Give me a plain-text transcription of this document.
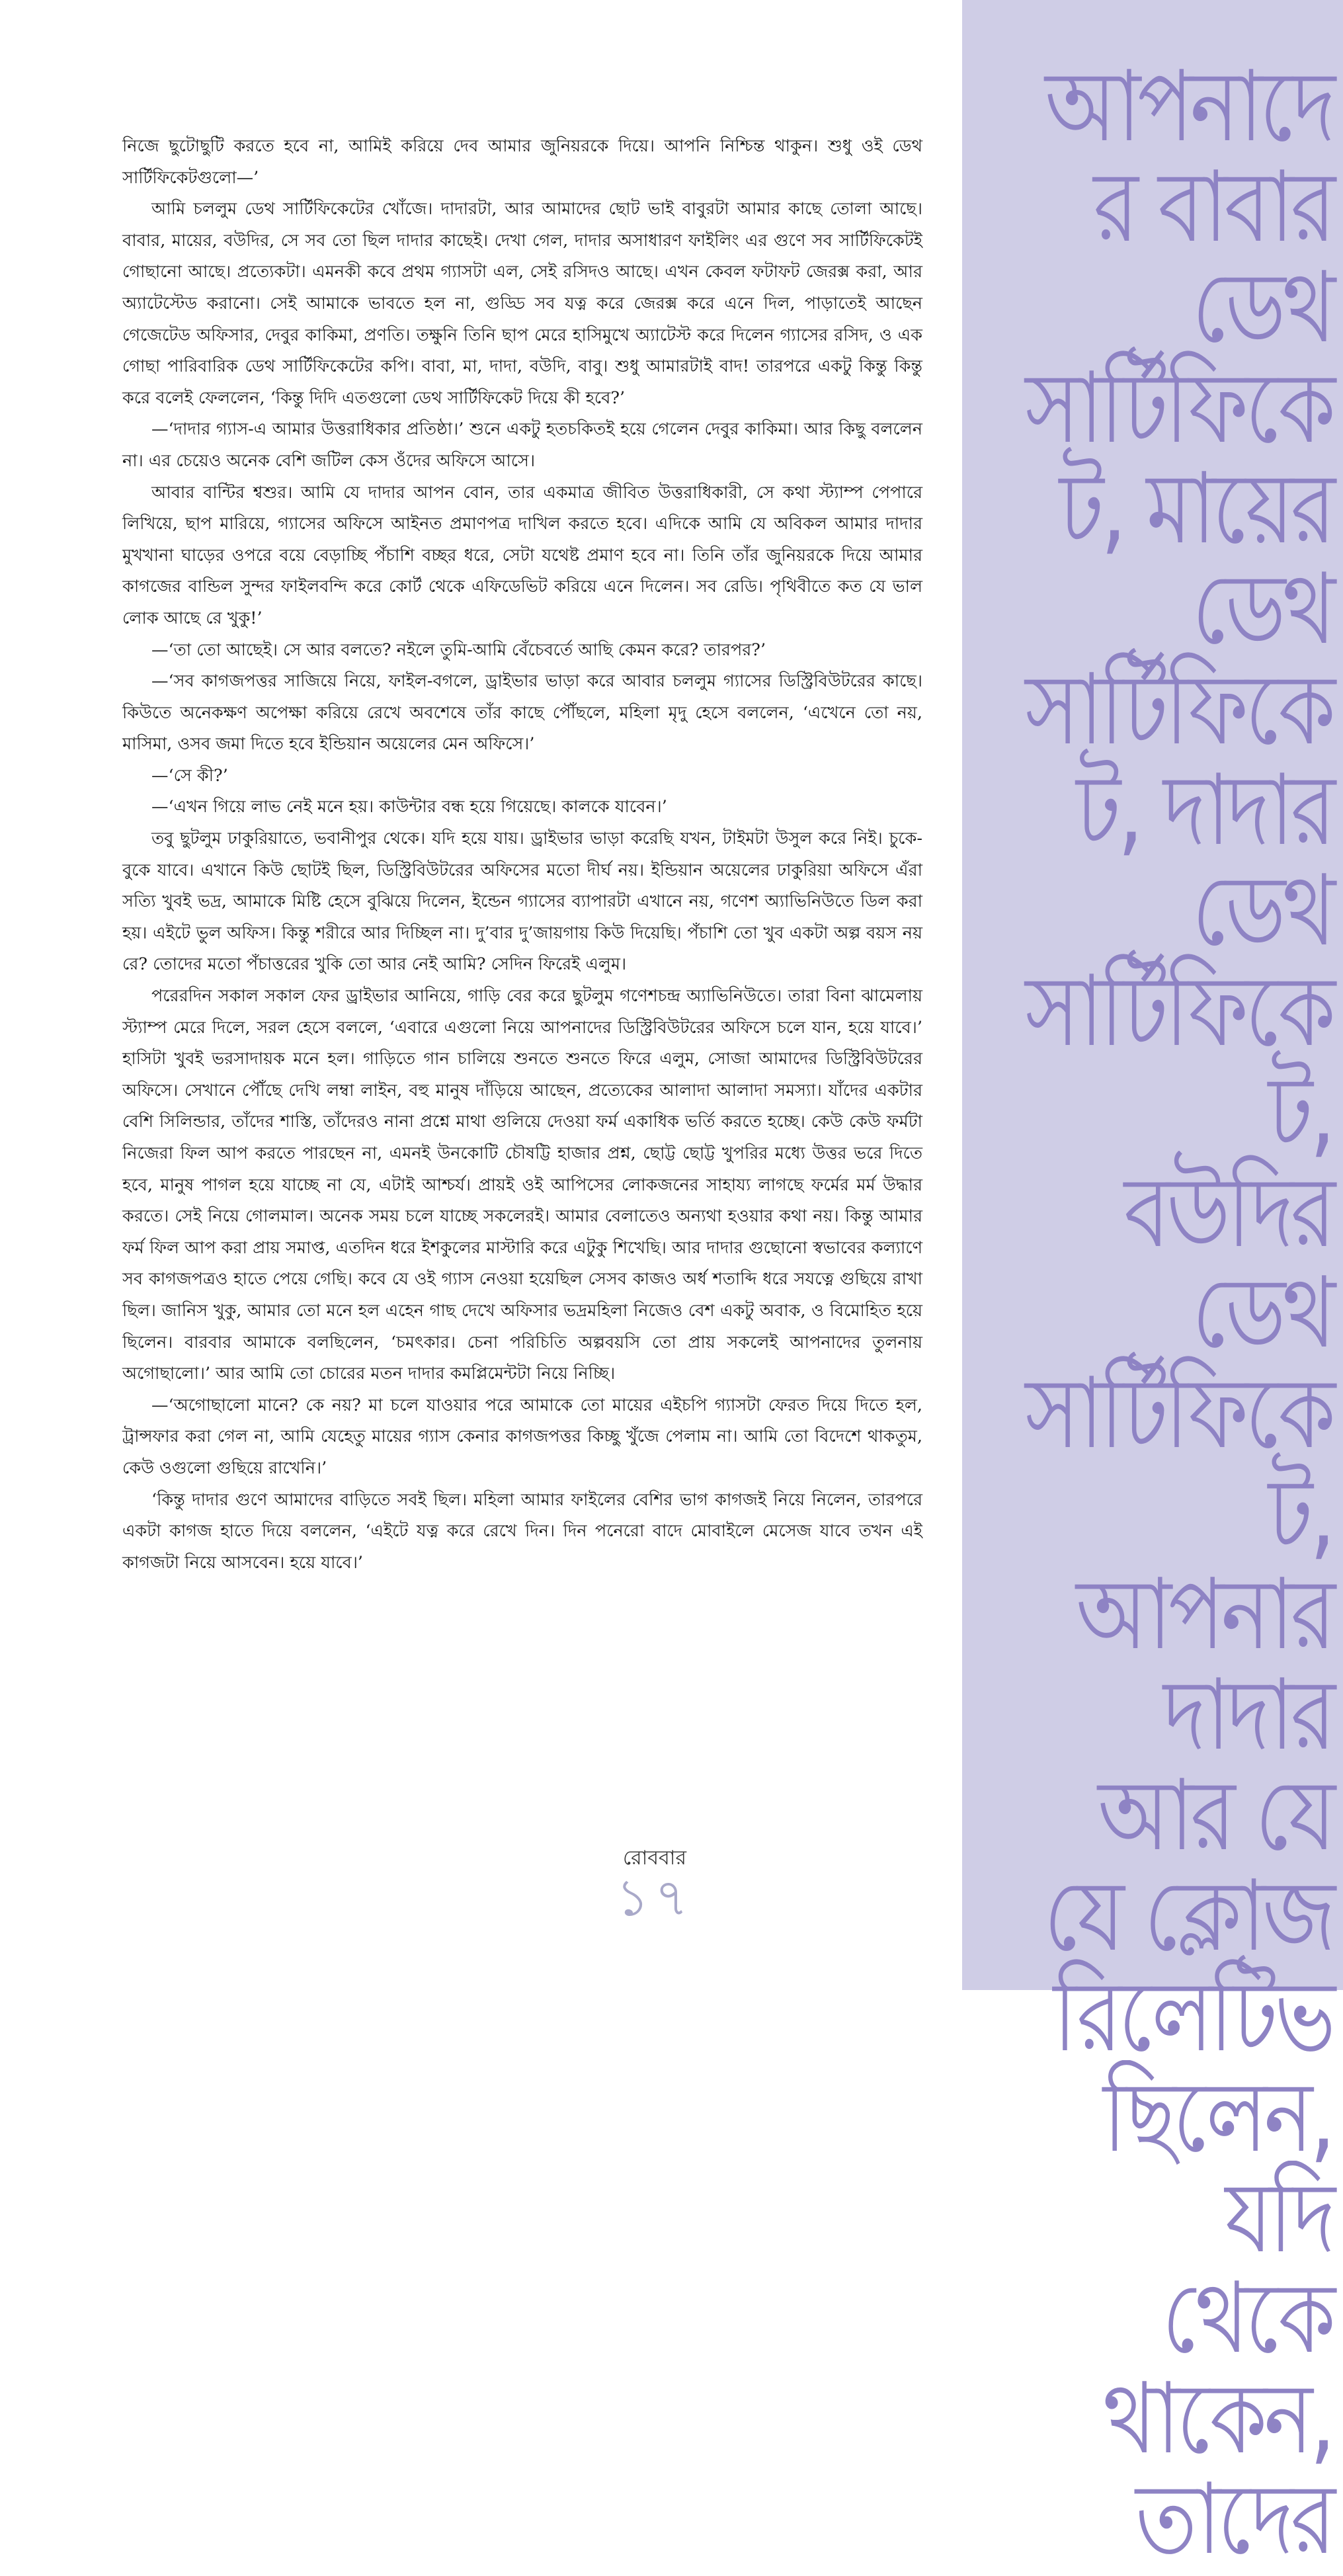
নিজে ছুটোছুটি করতে হবে না, আমিই করিয়ে দেব আমার জুনিয়রকে দিয়ে। আপনি নিশ্চিন্ত থাকুন। শুধু ওই ডেথ সার্টিফিকেটগুলো—’

আমি চললুম ডেথ সার্টিফিকেটের খোঁজে। দাদারটা, আর আমাদের ছোট ভাই বাবুরটা আমার কাছে তোলা আছে। বাবার, মায়ের, বউদির, সে সব তো ছিল দাদার কাছেই। দেখা গেল, দাদার অসাধারণ ফাইলিং এর গুণে সব সার্টিফিকেটই গোছানো আছে। প্রত্যেকটা। এমনকী কবে প্রথম গ্যাসটা এল, সেই রসিদও আছে। এখন কেবল ফটাফট জেরক্স করা, আর অ্যাটেস্টেড করানো। সেই আমাকে ভাবতে হল না, গুড্ডি সব যত্ন করে জেরক্স করে এনে দিল, পাড়াতেই আছেন গেজেটেড অফিসার, দেবুর কাকিমা, প্রণতি। তক্ষুনি তিনি ছাপ মেরে হাসিমুখে অ্যাটেস্ট করে দিলেন গ্যাসের রসিদ, ও এক গোছা পারিবারিক ডেথ সার্টিফিকেটের কপি। বাবা, মা, দাদা, বউদি, বাবু। শুধু আমারটাই বাদ! তারপরে একটু কিন্তু কিন্তু করে বলেই ফেললেন, ‘কিন্তু দিদি এতগুলো ডেথ সার্টিফিকেট দিয়ে কী হবে?’

—‘দাদার গ্যাস-এ আমার উত্তরাধিকার প্রতিষ্ঠা।’ শুনে একটু হতচকিতই হয়ে গেলেন দেবুর কাকিমা। আর কিছু বললেন না। এর চেয়েও অনেক বেশি জটিল কেস ওঁদের অফিসে আসে।

আবার বান্টির শ্বশুর। আমি যে দাদার আপন বোন, তার একমাত্র জীবিত উত্তরাধিকারী, সে কথা স্ট্যাম্প পেপারে লিখিয়ে, ছাপ মারিয়ে, গ্যাসের অফিসে আইনত প্রমাণপত্র দাখিল করতে হবে। এদিকে আমি যে অবিকল আমার দাদার মুখখানা ঘাড়ের ওপরে বয়ে বেড়াচ্ছি পঁচাশি বচ্ছর ধরে, সেটা যথেষ্ট প্রমাণ হবে না। তিনি তাঁর জুনিয়রকে দিয়ে আমার কাগজের বান্ডিল সুন্দর ফাইলবন্দি করে কোর্ট থেকে এফিডেভিট করিয়ে এনে দিলেন। সব রেডি। পৃথিবীতে কত যে ভাল লোক আছে রে খুকু!’

—‘তা তো আছেই। সে আর বলতে? নইলে তুমি-আমি বেঁচেবর্তে আছি কেমন করে? তারপর?’

—‘সব কাগজপত্তর সাজিয়ে নিয়ে, ফাইল-বগলে, ড্রাইভার ভাড়া করে আবার চললুম গ্যাসের ডিস্ট্রিবিউটরের কাছে। কিউতে অনেকক্ষণ অপেক্ষা করিয়ে রেখে অবশেষে তাঁর কাছে পৌঁছলে, মহিলা মৃদু হেসে বললেন, ‘এখেনে তো নয়, মাসিমা, ওসব জমা দিতে হবে ইন্ডিয়ান অয়েলের মেন অফিসে।’

—‘সে কী?’

—‘এখন গিয়ে লাভ নেই মনে হয়। কাউন্টার বন্ধ হয়ে গিয়েছে। কালকে যাবেন।’

তবু ছুটলুম ঢাকুরিয়াতে, ভবানীপুর থেকে। যদি হয়ে যায়। ড্রাইভার ভাড়া করেছি যখন, টাইমটা উসুল করে নিই। চুকে-বুকে যাবে। এখানে কিউ ছোটই ছিল, ডিস্ট্রিবিউটরের অফিসের মতো দীর্ঘ নয়। ইন্ডিয়ান অয়েলের ঢাকুরিয়া অফিসে এঁরা সত্যি খুবই ভদ্র, আমাকে মিষ্টি হেসে বুঝিয়ে দিলেন, ইন্ডেন গ্যাসের ব্যাপারটা এখানে নয়, গণেশ অ্যাভিনিউতে ডিল করা হয়। এইটে ভুল অফিস। কিন্তু শরীরে আর দিচ্ছিল না। দু’বার দু’জায়গায় কিউ দিয়েছি। পঁচাশি তো খুব একটা অল্প বয়স নয় রে? তোদের মতো পঁচাত্তরের খুকি তো আর নেই আমি? সেদিন ফিরেই এলুম।

পরেরদিন সকাল সকাল ফের ড্রাইভার আনিয়ে, গাড়ি বের করে ছুটলুম গণেশচন্দ্র অ্যাভিনিউতে। তারা বিনা ঝামেলায় স্ট্যাম্প মেরে দিলে, সরল হেসে বললে, ‘এবারে এগুলো নিয়ে আপনাদের ডিস্ট্রিবিউটরের অফিসে চলে যান, হয়ে যাবে।’ হাসিটা খুবই ভরসাদায়ক মনে হল। গাড়িতে গান চালিয়ে শুনতে শুনতে ফিরে এলুম, সোজা আমাদের ডিস্ট্রিবিউটরের অফিসে। সেখানে পৌঁছে দেখি লম্বা লাইন, বহু মানুষ দাঁড়িয়ে আছেন, প্রত্যেকের আলাদা আলাদা সমস্যা। যাঁদের একটার বেশি সিলিন্ডার, তাঁদের শাস্তি, তাঁদেরও নানা প্রশ্নে মাথা গুলিয়ে দেওয়া ফর্ম একাধিক ভর্তি করতে হচ্ছে। কেউ কেউ ফর্মটা নিজেরা ফিল আপ করতে পারছেন না, এমনই উনকোটি চৌষট্টি হাজার প্রশ্ন, ছোট্ট ছোট্ট খুপরির মধ্যে উত্তর ভরে দিতে হবে, মানুষ পাগল হয়ে যাচ্ছে না যে, এটাই আশ্চর্য। প্রায়ই ওই আপিসের লোকজনের সাহায্য লাগছে ফর্মের মর্ম উদ্ধার করতে। সেই নিয়ে গোলমাল। অনেক সময় চলে যাচ্ছে সকলেরই। আমার বেলাতেও অন্যথা হওয়ার কথা নয়। কিন্তু আমার ফর্ম ফিল আপ করা প্রায় সমাপ্ত, এতদিন ধরে ইশকুলের মাস্টারি করে এটুকু শিখেছি। আর দাদার গুছোনো স্বভাবের কল্যাণে সব কাগজপত্রও হাতে পেয়ে গেছি। কবে যে ওই গ্যাস নেওয়া হয়েছিল সেসব কাজও অর্ধ শতাব্দি ধরে সযত্নে গুছিয়ে রাখা ছিল। জানিস খুকু, আমার তো মনে হল এহেন গাছ দেখে অফিসার ভদ্রমহিলা নিজেও বেশ একটু অবাক, ও বিমোহিত হয়ে ছিলেন। বারবার আমাকে বলছিলেন, ‘চমৎকার। চেনা পরিচিতি অল্পবয়সি তো প্রায় সকলেই আপনাদের তুলনায় অগোছালো।’ আর আমি তো চোরের মতন দাদার কমপ্লিমেন্টটা নিয়ে নিচ্ছি।

—‘অগোছালো মানে? কে নয়? মা চলে যাওয়ার পরে আমাকে তো মায়ের এইচপি গ্যাসটা ফেরত দিয়ে দিতে হল, ট্রান্সফার করা গেল না, আমি যেহেতু মায়ের গ্যাস কেনার কাগজপত্তর কিচ্ছু খুঁজে পেলাম না। আমি তো বিদেশে থাকতুম, কেউ ওগুলো গুছিয়ে রাখেনি।’

‘কিন্তু দাদার গুণে আমাদের বাড়িতে সবই ছিল। মহিলা আমার ফাইলের বেশির ভাগ কাগজই নিয়ে নিলেন, তারপরে একটা কাগজ হাতে দিয়ে বললেন, ‘এইটে যত্ন করে রেখে দিন। দিন পনেরো বাদে মোবাইলে মেসেজ যাবে তখন এই কাগজটা নিয়ে আসবেন। হয়ে যাবে।’

রোববার
১৭
আপনাদে
র বাবার
ডেথ
সার্টিফিকে
ট, মায়ের
ডেথ
সার্টিফিকে
ট, দাদার
ডেথ
সার্টিফিকে
ট,
বউদির
ডেথ
সার্টিফিকে
ট,
আপনার
দাদার
আর যে
যে ক্লোজ
রিলেটিভ
ছিলেন,
যদি
থেকে
থাকেন,
তাদের
